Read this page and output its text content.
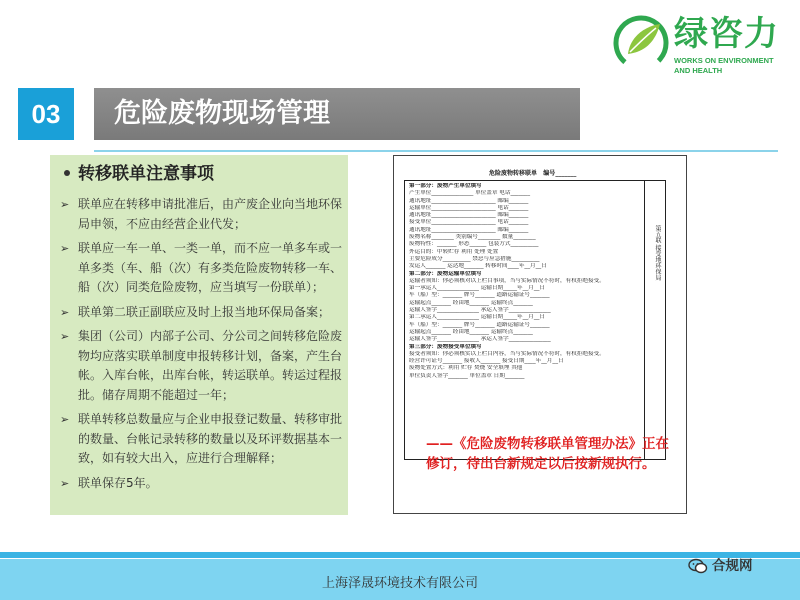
绿咨力
WORKS ON ENVIRONMENT
AND HEALTH
03	危险废物现场管理
转移联单注意事项
➢ 联单应在转移申请批准后，由产废企业向当地环保局申领，不应由经营企业代发；
➢ 联单应一车一单、一类一单，而不应一单多车或一单多类（车、船（次）有多类危险废物转移一车、船（次）同类危险废物，应当填写一份联单）；
➢ 联单第二联正副联应及时上报当地环保局备案；
➢ 集团（公司）内部子公司、分公司之间转移危险废物均应落实联单制度申报转移计划，备案，产生台帐。入库台帐，出库台帐，转运联单。转运过程报批。储存周期不能超过一年；
➢ 联单转移总数量应与企业申报登记数量、转移审批的数量、台帐记录转移的数量以及环评数据基本一致，如有较大出入，应进行合理解释；
➢ 联单保存5年。
危险废物转移联单 编号_______
第一部分：废物产生单位填写
产生单位_______________ 单位盖章 电话_______
通讯地址_______________________ 邮编_______
运输单位_______________________ 电话_______
通讯地址_______________________ 邮编_______
接受单位_______________________ 电话_______
通讯地址_______________________ 邮编_______
废物名称________ 类别编号________ 数量________
废物特性：_______ 形态______ 包装方式__________
外运目的：中转贮存 利用 处理 处置
主要危险成分__________ 禁忌与应急措施__________
发运人_______ 运达地_______ 转移时间____年__月__日
第二部分：废物运输单位填写
运输者须知：你必须核对以上栏目事项，当与实际情况不符时，有权拒绝接受。
第一承运人_______________ 运输日期_____年__月__日
车（船）型：_______ 牌号_______ 道路运输证号_______
运输起点_______ 经由地_______ 运输终点_______
运输人签字_______________ 承运人签字_______________
第二承运人_______________ 运输日期_____年__月__日
车（船）型：_______ 牌号_______ 道路运输证号_______
运输起点_______ 经由地_______ 运输终点_______
运输人签字_______________ 承运人签字_______________
第三部分：废物接受单位填写
接受者须知：你必须核实以上栏目内容，当与实际情况不符时，有权拒绝接受。
经营许可证号_______ 接收人_______ 接受日期____年__月__日
废物处置方式：利用 贮存 焚烧 安全填埋 其他
单位负责人签字_______ 单位盖章 日期_______
第五联 接受地环保局
——《危险废物转移联单管理办法》正在修订，待出台新规定以后按新规执行。
上海泽晟环境技术有限公司
合规网
